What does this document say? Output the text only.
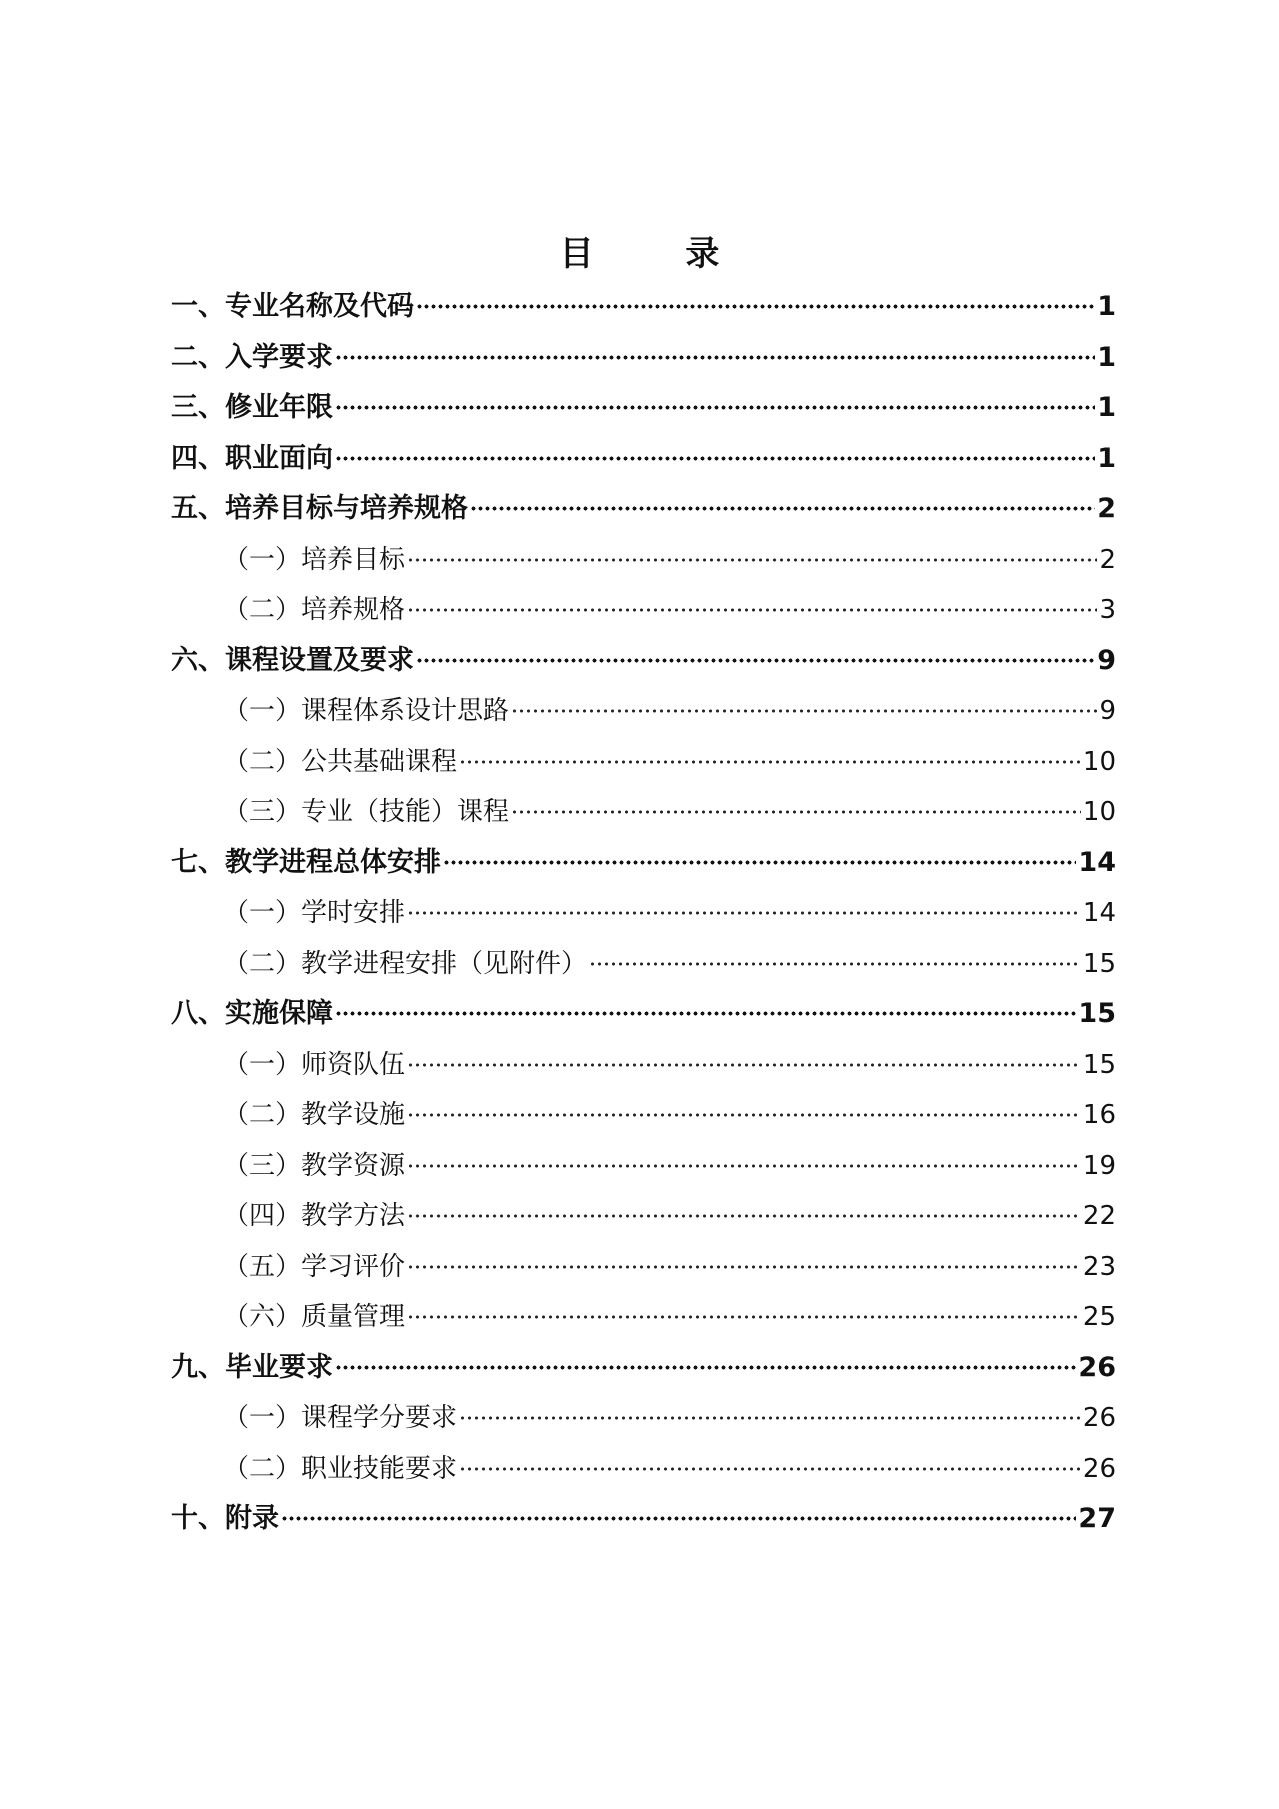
目 录
一、专业名称及代码	1
二、入学要求	1
三、修业年限	1
四、职业面向	1
五、培养目标与培养规格	2
（一）培养目标	2
（二）培养规格	3
六、课程设置及要求	9
（一）课程体系设计思路	9
（二）公共基础课程	10
（三）专业（技能）课程	10
七、教学进程总体安排	14
（一）学时安排	14
（二）教学进程安排（见附件）	15
八、实施保障	15
（一）师资队伍	15
（二）教学设施	16
（三）教学资源	19
（四）教学方法	22
（五）学习评价	23
（六）质量管理	25
九、毕业要求	26
（一）课程学分要求	26
（二）职业技能要求	26
十、附录	27
